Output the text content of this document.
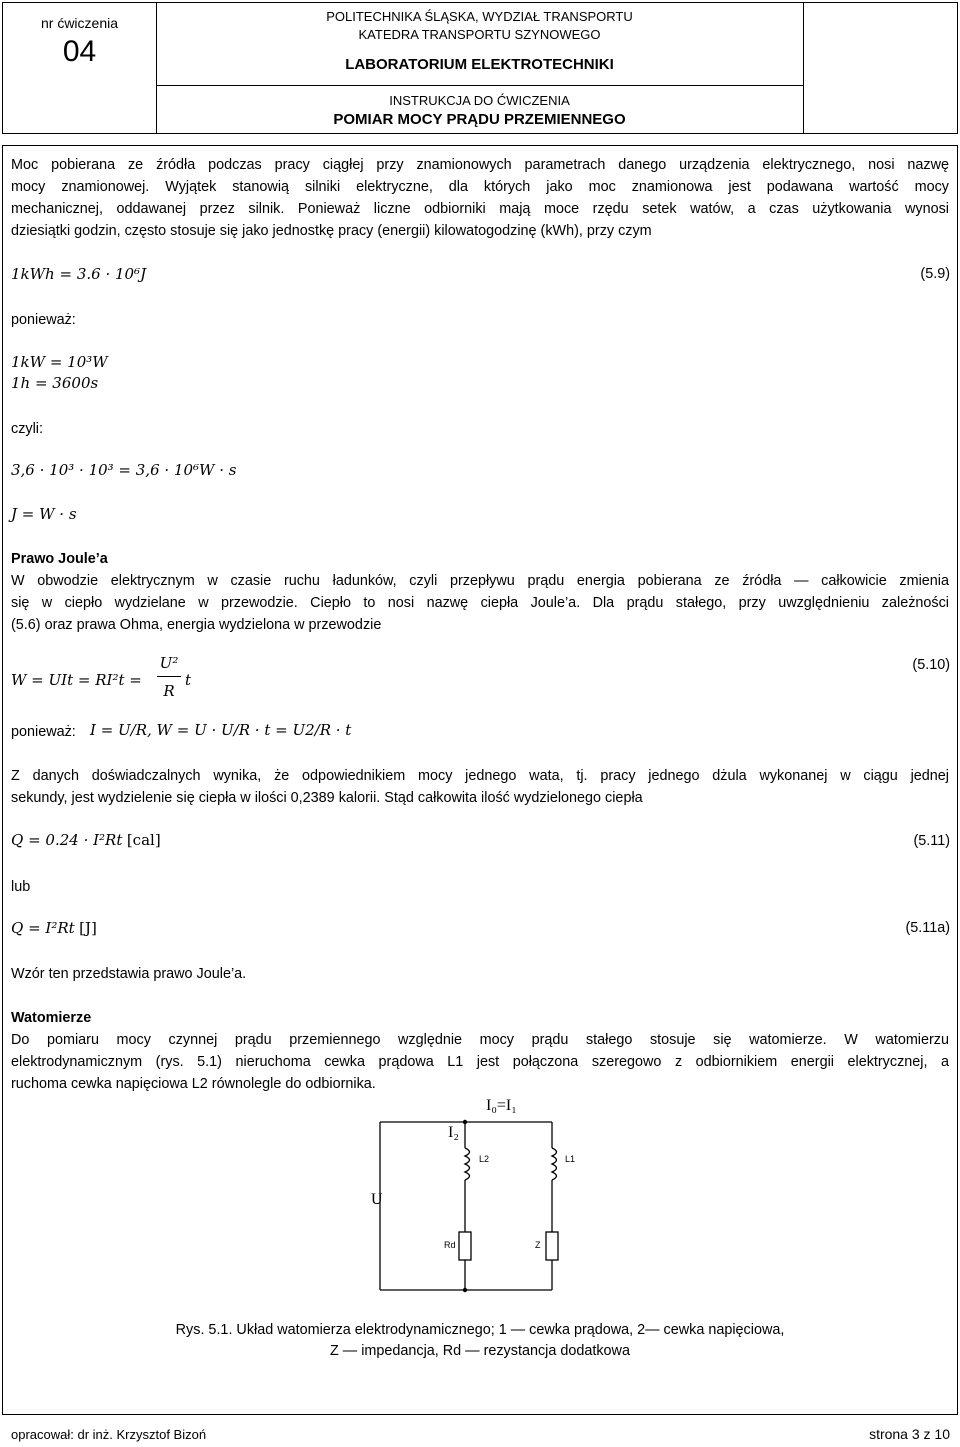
nr ćwiczenia
04
POLITECHNIKA ŚLĄSKA, WYDZIAŁ TRANSPORTU
KATEDRA TRANSPORTU SZYNOWEGO
LABORATORIUM ELEKTROTECHNIKI
INSTRUKCJA DO ĆWICZENIA
POMIAR MOCY PRĄDU PRZEMIENNEGO
Moc pobierana ze źródła podczas pracy ciągłej przy znamionowych parametrach danego urządzenia elektrycznego, nosi nazwę
mocy znamionowej. Wyjątek stanowią silniki elektryczne, dla których jako moc znamionowa jest podawana wartość mocy
mechanicznej, oddawanej przez silnik. Ponieważ liczne odbiorniki mają moce rzędu setek watów, a czas użytkowania wynosi
dziesiątki godzin, często stosuje się jako jednostkę pracy (energii) kilowatogodzinę (kWh), przy czym
1kWh = 3.6 · 10⁶J	(5.9)
ponieważ:
1kW = 10³W
1h = 3600s
czyli:
3,6 · 10³ · 10³ = 3,6 · 10⁶W · s
J = W · s
Prawo Joule’a
W obwodzie elektrycznym w czasie ruchu ładunków, czyli przepływu prądu energia pobierana ze źródła — całkowicie zmienia
się w ciepło wydzielane w przewodzie. Ciepło to nosi nazwę ciepła Joule’a. Dla prądu stałego, przy uwzględnieniu zależności
(5.6) oraz prawa Ohma, energia wydzielona w przewodzie
W = UIt = RI²t =
U²
R
t
(5.10)
ponieważ: I = U/R, W = U · U/R · t = U2/R · t
Z danych doświadczalnych wynika, że odpowiednikiem mocy jednego wata, tj. pracy jednego dżula wykonanej w ciągu jednej
sekundy, jest wydzielenie się ciepła w ilości 0,2389 kalorii. Stąd całkowita ilość wydzielonego ciepła
Q = 0.24 · I²Rt [cal]	(5.11)
lub
Q = I²Rt [J]	(5.11a)
Wzór ten przedstawia prawo Joule’a.
Watomierze
Do pomiaru mocy czynnej prądu przemiennego względnie mocy prądu stałego stosuje się watomierze. W watomierzu
elektrodynamicznym (rys. 5.1) nieruchoma cewka prądowa L1 jest połączona szeregowo z odbiornikiem energii elektrycznej, a
ruchoma cewka napięciowa L2 równolegle do odbiornika.
I₀=I₁
I₂
L2	L1
U
Rd	Z
Rys. 5.1. Układ watomierza elektrodynamicznego; 1 — cewka prądowa, 2— cewka napięciowa,
Z — impedancja, Rd — rezystancja dodatkowa
opracował: dr inż. Krzysztof Bizoń	strona 3 z 10
